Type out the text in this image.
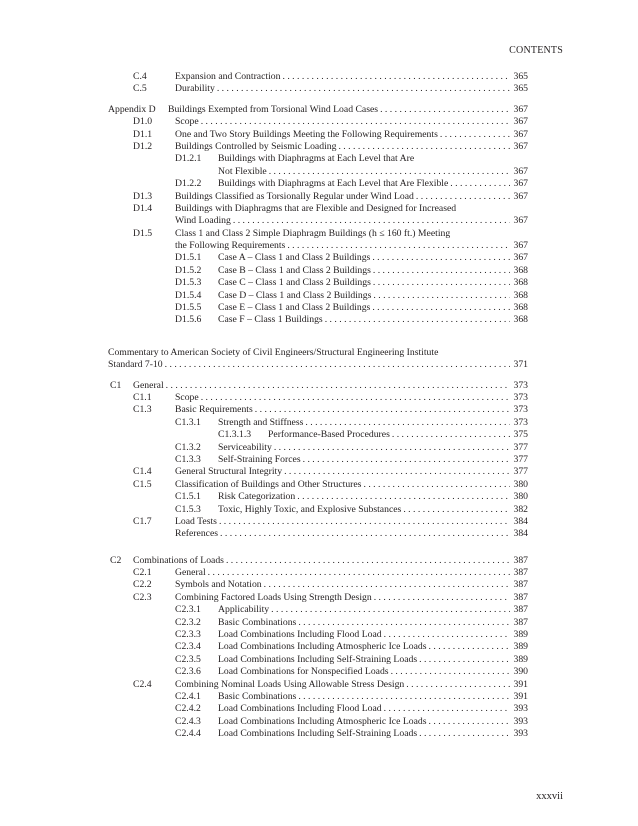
CONTENTS
C.4	Expansion and Contraction . . .	365
C.5	Durability . . .	365
Appendix D Buildings Exempted from Torsional Wind Load Cases . . .	367
D1.0 Scope . . .	367
D1.1 One and Two Story Buildings Meeting the Following Requirements . . .	367
D1.2 Buildings Controlled by Seismic Loading . . .	367
D1.2.1 Buildings with Diaphragms at Each Level that Are
Not Flexible . . .	367
D1.2.2 Buildings with Diaphragms at Each Level that Are Flexible . . .	367
D1.3 Buildings Classified as Torsionally Regular under Wind Load . . .	367
D1.4 Buildings with Diaphragms that are Flexible and Designed for Increased
Wind Loading . . .	367
D1.5 Class 1 and Class 2 Simple Diaphragm Buildings (h ≤ 160 ft.) Meeting
the Following Requirements . . .	367
D1.5.1 Case A – Class 1 and Class 2 Buildings . . .	367
D1.5.2 Case B – Class 1 and Class 2 Buildings . . .	368
D1.5.3 Case C – Class 1 and Class 2 Buildings . . .	368
D1.5.4 Case D – Class 1 and Class 2 Buildings . . .	368
D1.5.5 Case E – Class 1 and Class 2 Buildings . . .	368
D1.5.6 Case F – Class 1 Buildings . . .	368
Commentary to American Society of Civil Engineers/Structural Engineering Institute
Standard 7-10 . . .	371
C1 General . . .	373
C1.1 Scope . . .	373
C1.3 Basic Requirements . . .	373
C1.3.1 Strength and Stiffness . . .	373
C1.3.1.3 Performance-Based Procedures . . .	375
C1.3.2 Serviceability . . .	377
C1.3.3 Self-Straining Forces . . .	377
C1.4 General Structural Integrity . . .	377
C1.5 Classification of Buildings and Other Structures . . .	380
C1.5.1 Risk Categorization . . .	380
C1.5.3 Toxic, Highly Toxic, and Explosive Substances . . .	382
C1.7 Load Tests . . .	384
References . . .	384
C2 Combinations of Loads . . .	387
C2.1 General . . .	387
C2.2 Symbols and Notation . . .	387
C2.3 Combining Factored Loads Using Strength Design . . .	387
C2.3.1 Applicability . . .	387
C2.3.2 Basic Combinations . . .	387
C2.3.3 Load Combinations Including Flood Load . . .	389
C2.3.4 Load Combinations Including Atmospheric Ice Loads . . .	389
C2.3.5 Load Combinations Including Self-Straining Loads . . .	389
C2.3.6 Load Combinations for Nonspecified Loads . . .	390
C2.4 Combining Nominal Loads Using Allowable Stress Design . . .	391
C2.4.1 Basic Combinations . . .	391
C2.4.2 Load Combinations Including Flood Load . . .	393
C2.4.3 Load Combinations Including Atmospheric Ice Loads . . .	393
C2.4.4 Load Combinations Including Self-Straining Loads . . .	393
xxxvii
